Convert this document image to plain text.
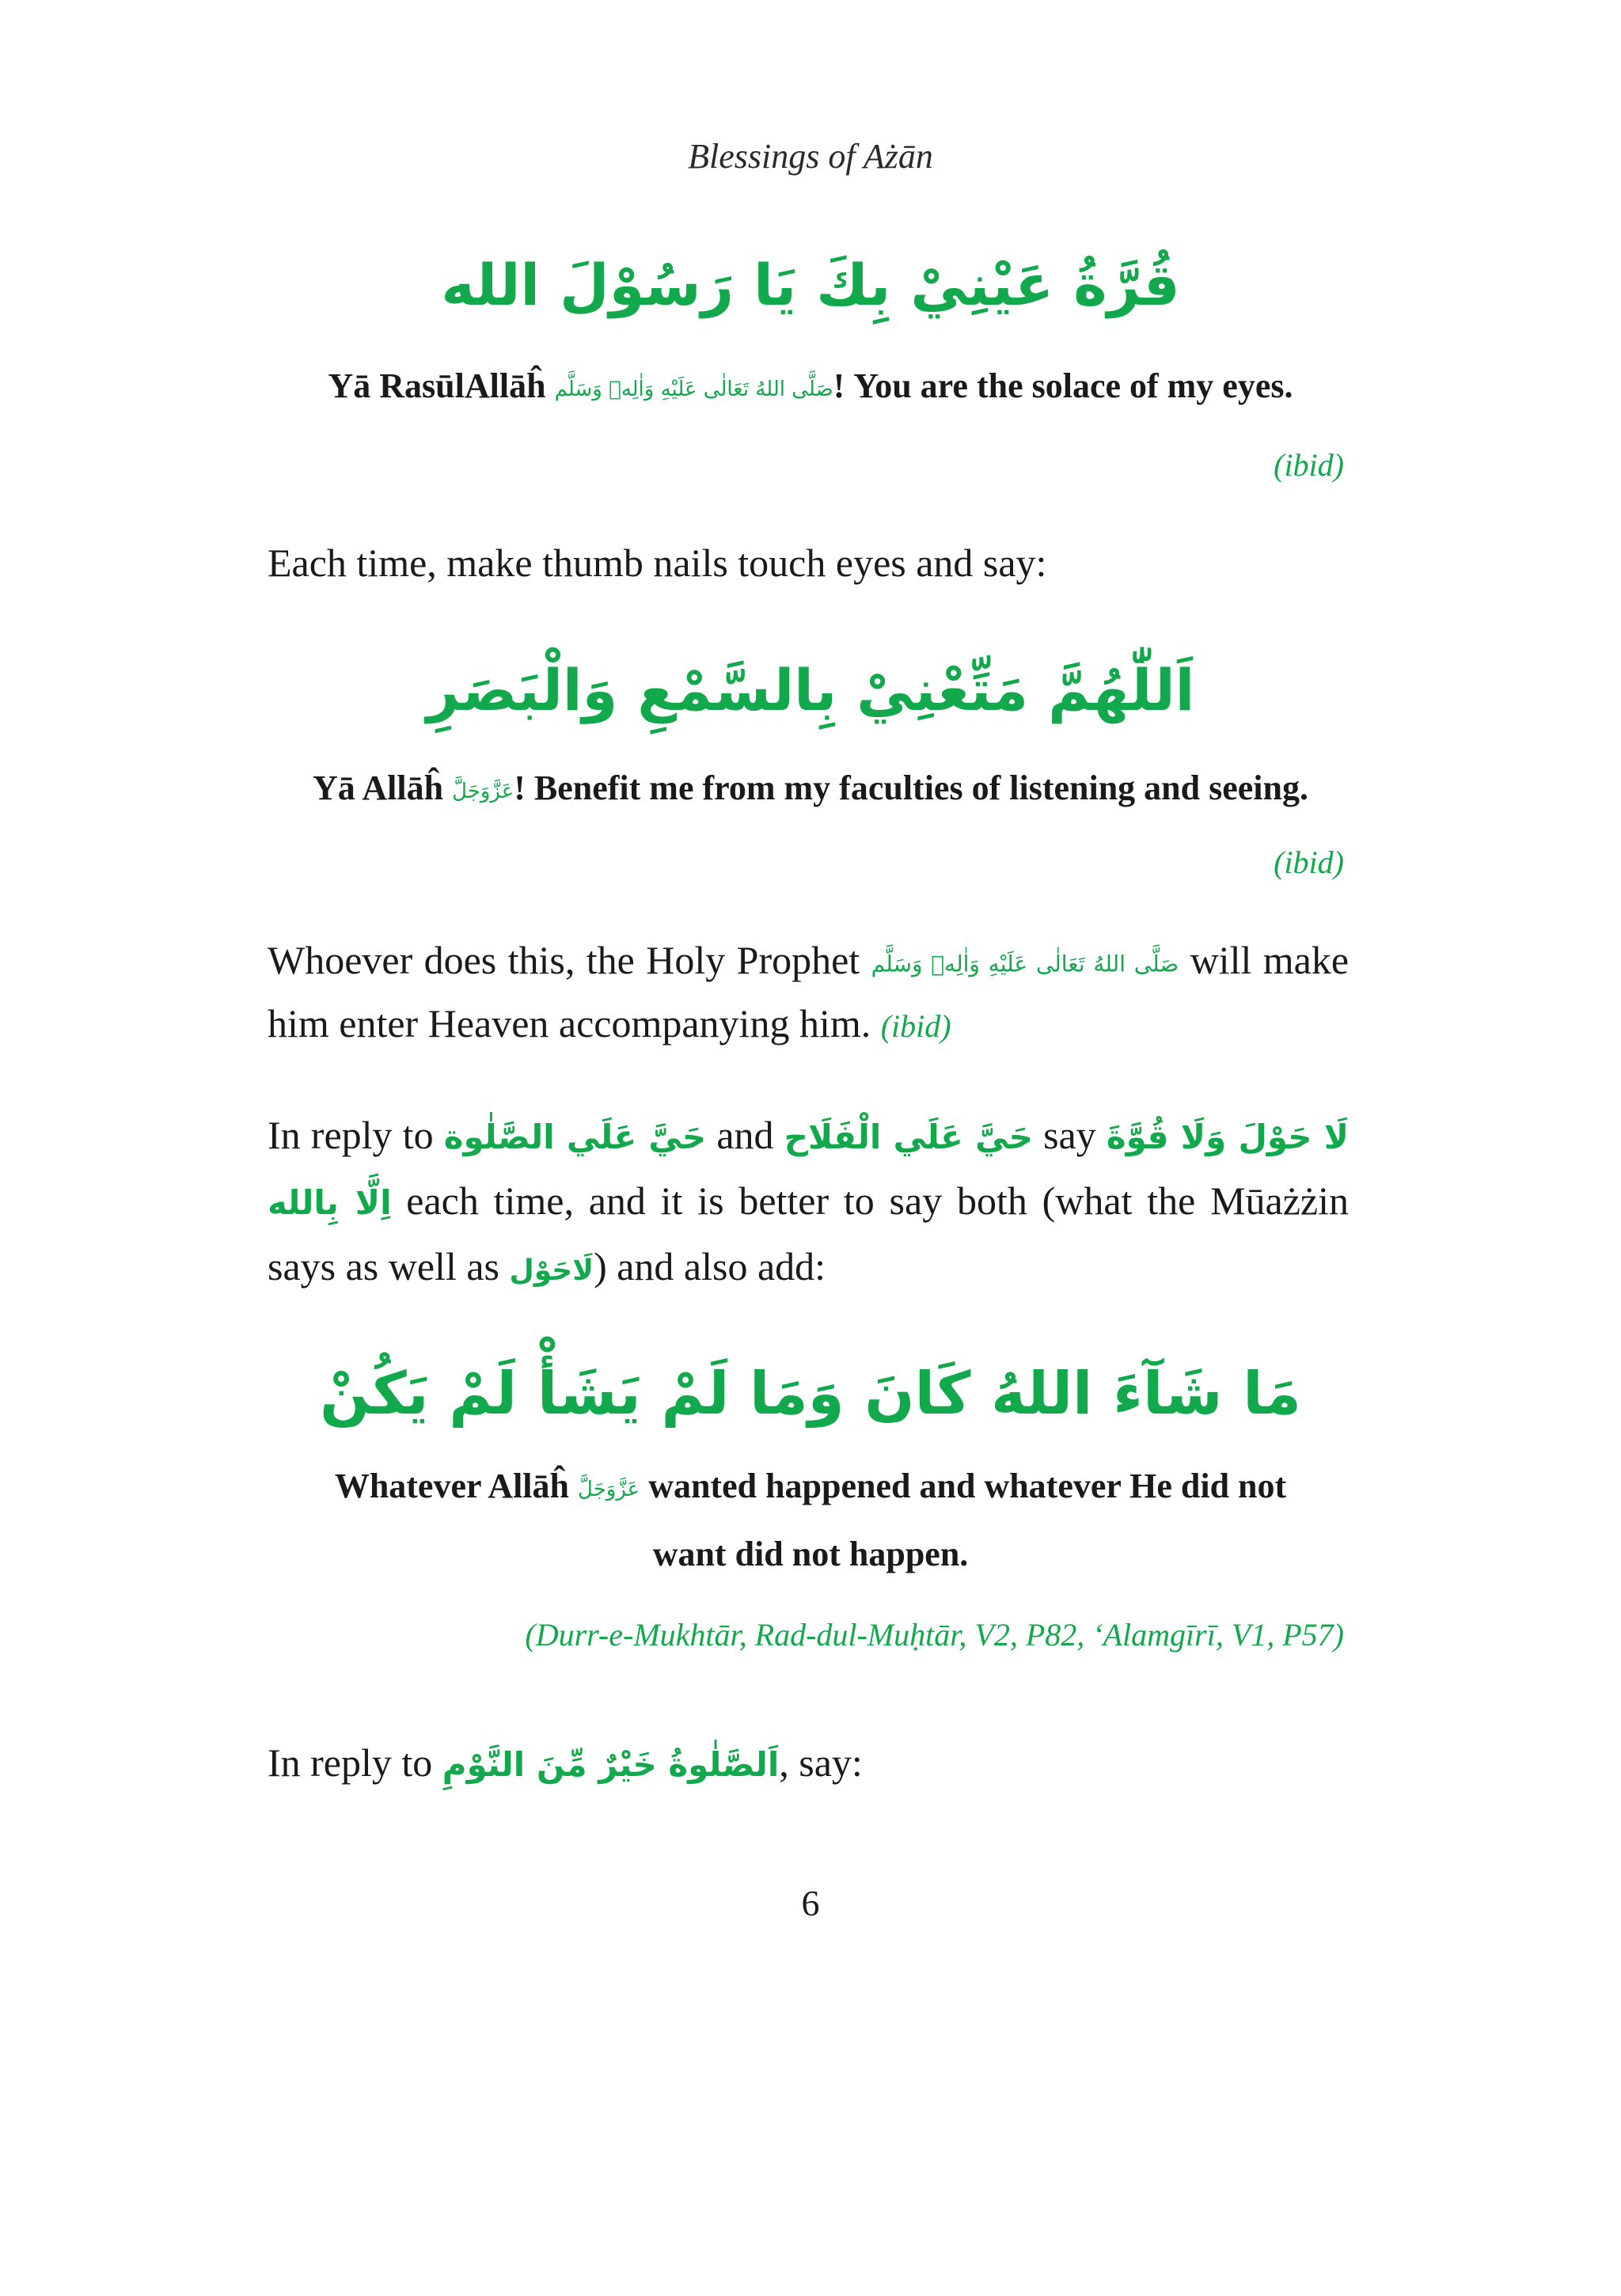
Blessings of Ażān
قُرَّةُ عَيْنِيْ بِكَ يَا رَسُوْلَ الله
Yā RasūlAllāĥ صَلَّى اللهُ تَعَالٰى عَلَيْهِ وَاٰلِهٖ وَسَلَّم! You are the solace of my eyes.
(ibid)
Each time, make thumb nails touch eyes and say:
اَللّٰهُمَّ مَتِّعْنِيْ بِالسَّمْعِ وَالْبَصَرِ
Yā Allāĥ عَزَّوَجَلَّ! Benefit me from my faculties of listening and seeing.
(ibid)
Whoever does this, the Holy Prophet صَلَّى اللهُ تَعَالٰى عَلَيْهِ وَاٰلِهٖ وَسَلَّم will make him enter Heaven accompanying him. (ibid)
In reply to حَيَّ عَلَي الصَّلٰوة and حَيَّ عَلَي الْفَلَاح say لَا حَوْلَ وَلَا قُوَّةَ اِلَّا بِالله each time, and it is better to say both (what the Mūażżin says as well as لَاحَوْل) and also add:
مَا شَآءَ اللهُ كَانَ وَمَا لَمْ يَشَأْ لَمْ يَكُنْ
Whatever Allāĥ عَزَّوَجَلَّ wanted happened and whatever He did not
want did not happen.
(Durr-e-Mukhtār, Rad-dul-Muḥtār, V2, P82, ‘Alamgīrī, V1, P57)
In reply to اَلصَّلٰوةُ خَيْرٌ مِّنَ النَّوْمِ, say:
6
